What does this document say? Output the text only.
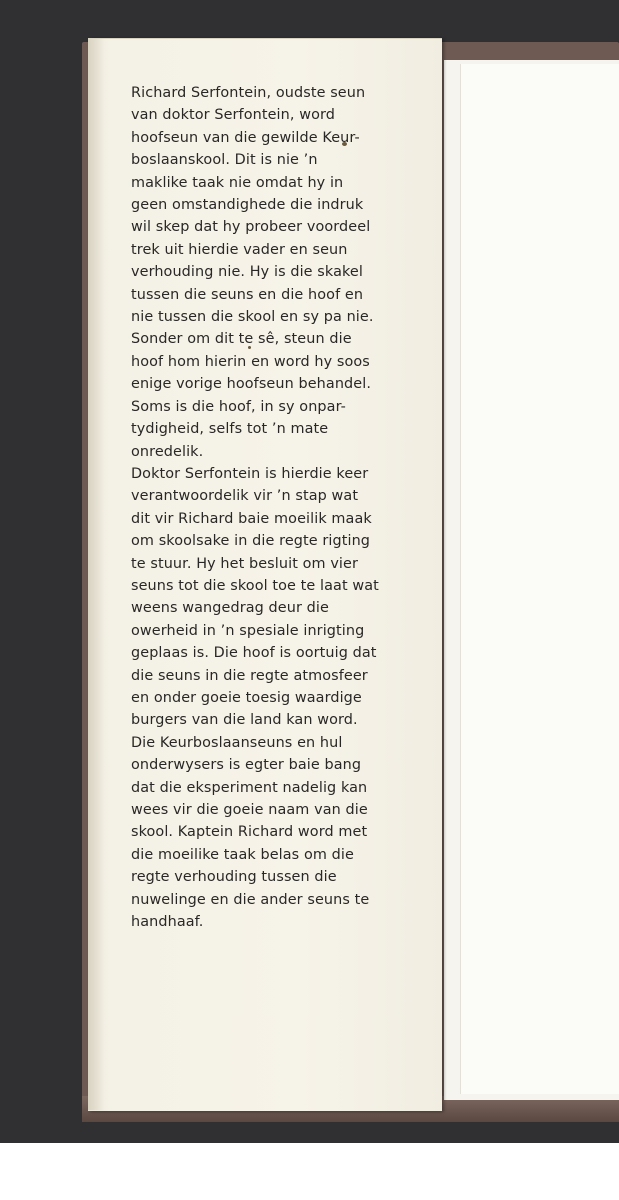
Richard Serfontein, oudste seun
van doktor Serfontein, word
hoofseun van die gewilde Keur-
boslaanskool. Dit is nie ’n
maklike taak nie omdat hy in
geen omstandighede die indruk
wil skep dat hy probeer voordeel
trek uit hierdie vader en seun
verhouding nie. Hy is die skakel
tussen die seuns en die hoof en
nie tussen die skool en sy pa nie.
Sonder om dit te sê, steun die
hoof hom hierin en word hy soos
enige vorige hoofseun behandel.
Soms is die hoof, in sy onpar-
tydigheid, selfs tot ’n mate
onredelik.
Doktor Serfontein is hierdie keer
verantwoordelik vir ’n stap wat
dit vir Richard baie moeilik maak
om skoolsake in die regte rigting
te stuur. Hy het besluit om vier
seuns tot die skool toe te laat wat
weens wangedrag deur die
owerheid in ’n spesiale inrigting
geplaas is. Die hoof is oortuig dat
die seuns in die regte atmosfeer
en onder goeie toesig waardige
burgers van die land kan word.
Die Keurboslaanseuns en hul
onderwysers is egter baie bang
dat die eksperiment nadelig kan
wees vir die goeie naam van die
skool. Kaptein Richard word met
die moeilike taak belas om die
regte verhouding tussen die
nuwelinge en die ander seuns te
handhaaf.
